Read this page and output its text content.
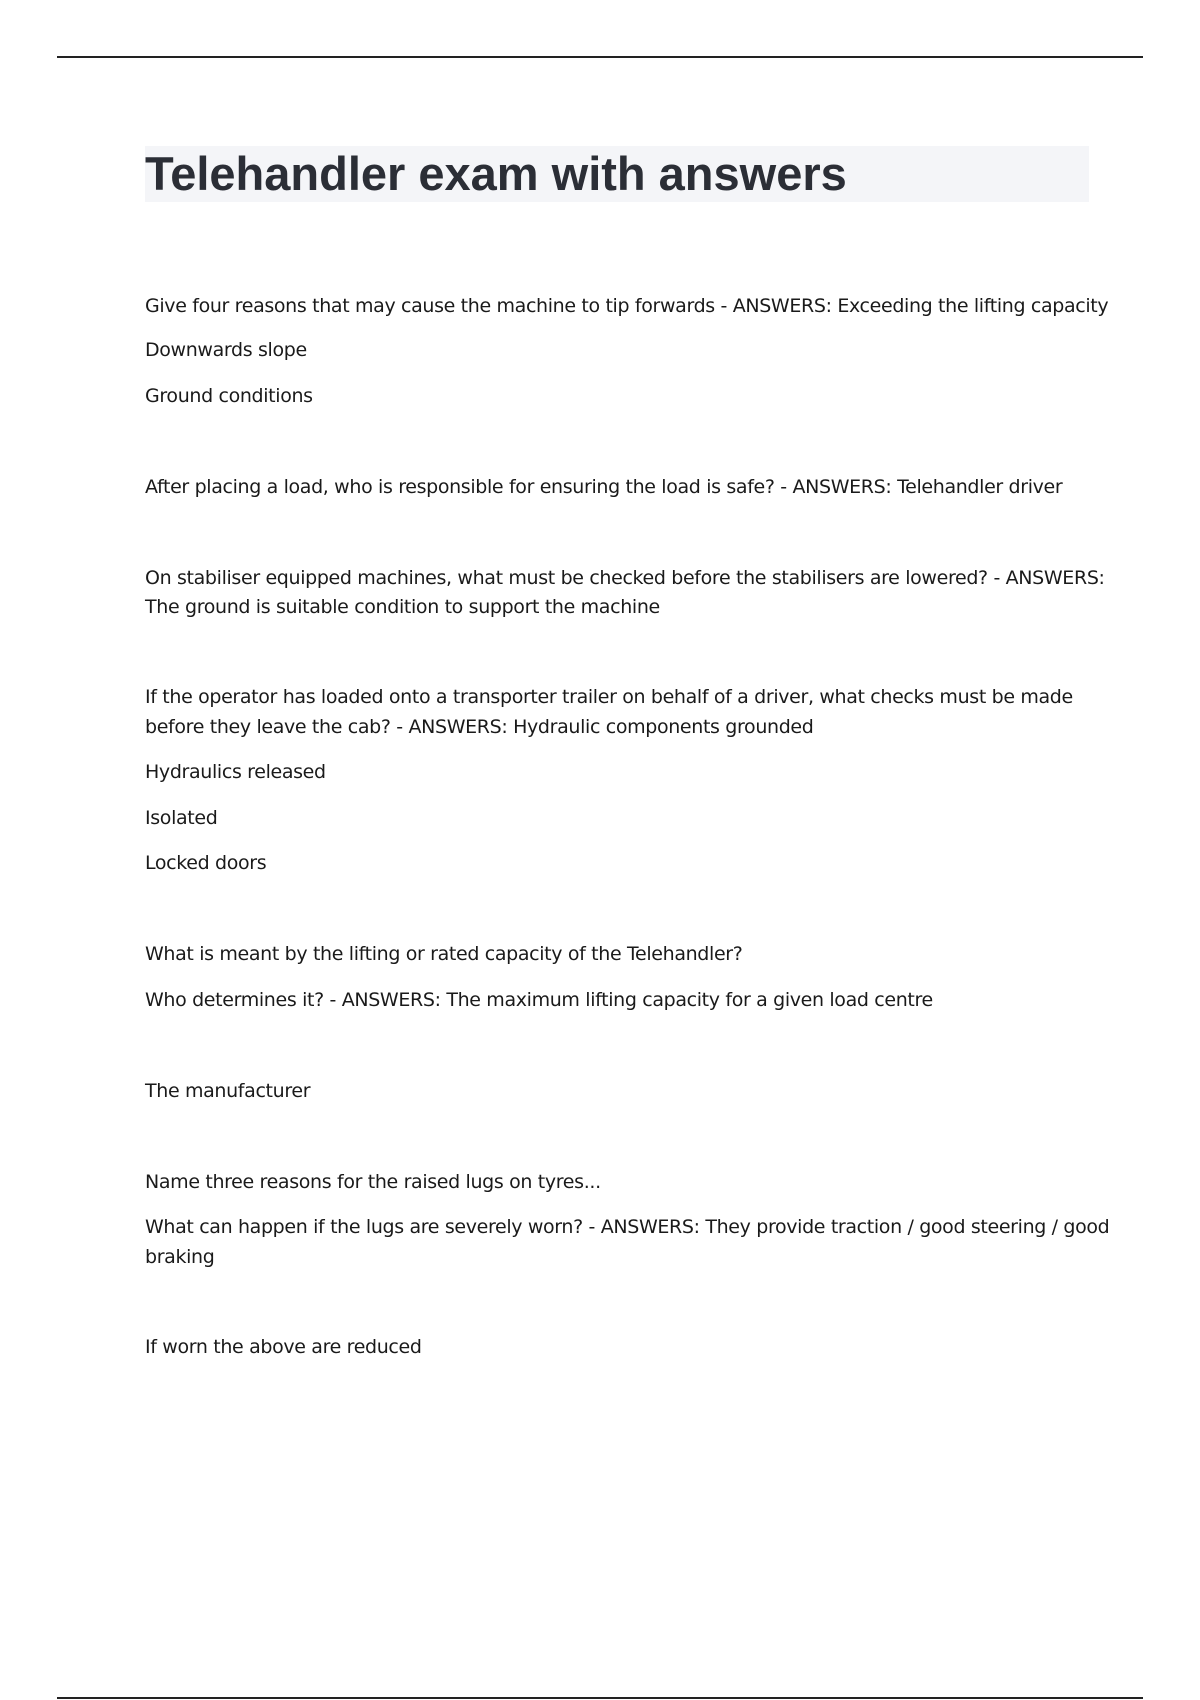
Telehandler exam with answers

Give four reasons that may cause the machine to tip forwards - ANSWERS: Exceeding the lifting capacity

Downwards slope

Ground conditions

After placing a load, who is responsible for ensuring the load is safe? - ANSWERS: Telehandler driver

On stabiliser equipped machines, what must be checked before the stabilisers are lowered? - ANSWERS:

The ground is suitable condition to support the machine

If the operator has loaded onto a transporter trailer on behalf of a driver, what checks must be made

before they leave the cab? - ANSWERS: Hydraulic components grounded

Hydraulics released

Isolated

Locked doors

What is meant by the lifting or rated capacity of the Telehandler?

Who determines it? - ANSWERS: The maximum lifting capacity for a given load centre

The manufacturer

Name three reasons for the raised lugs on tyres...

What can happen if the lugs are severely worn? - ANSWERS: They provide traction / good steering / good

braking

If worn the above are reduced
